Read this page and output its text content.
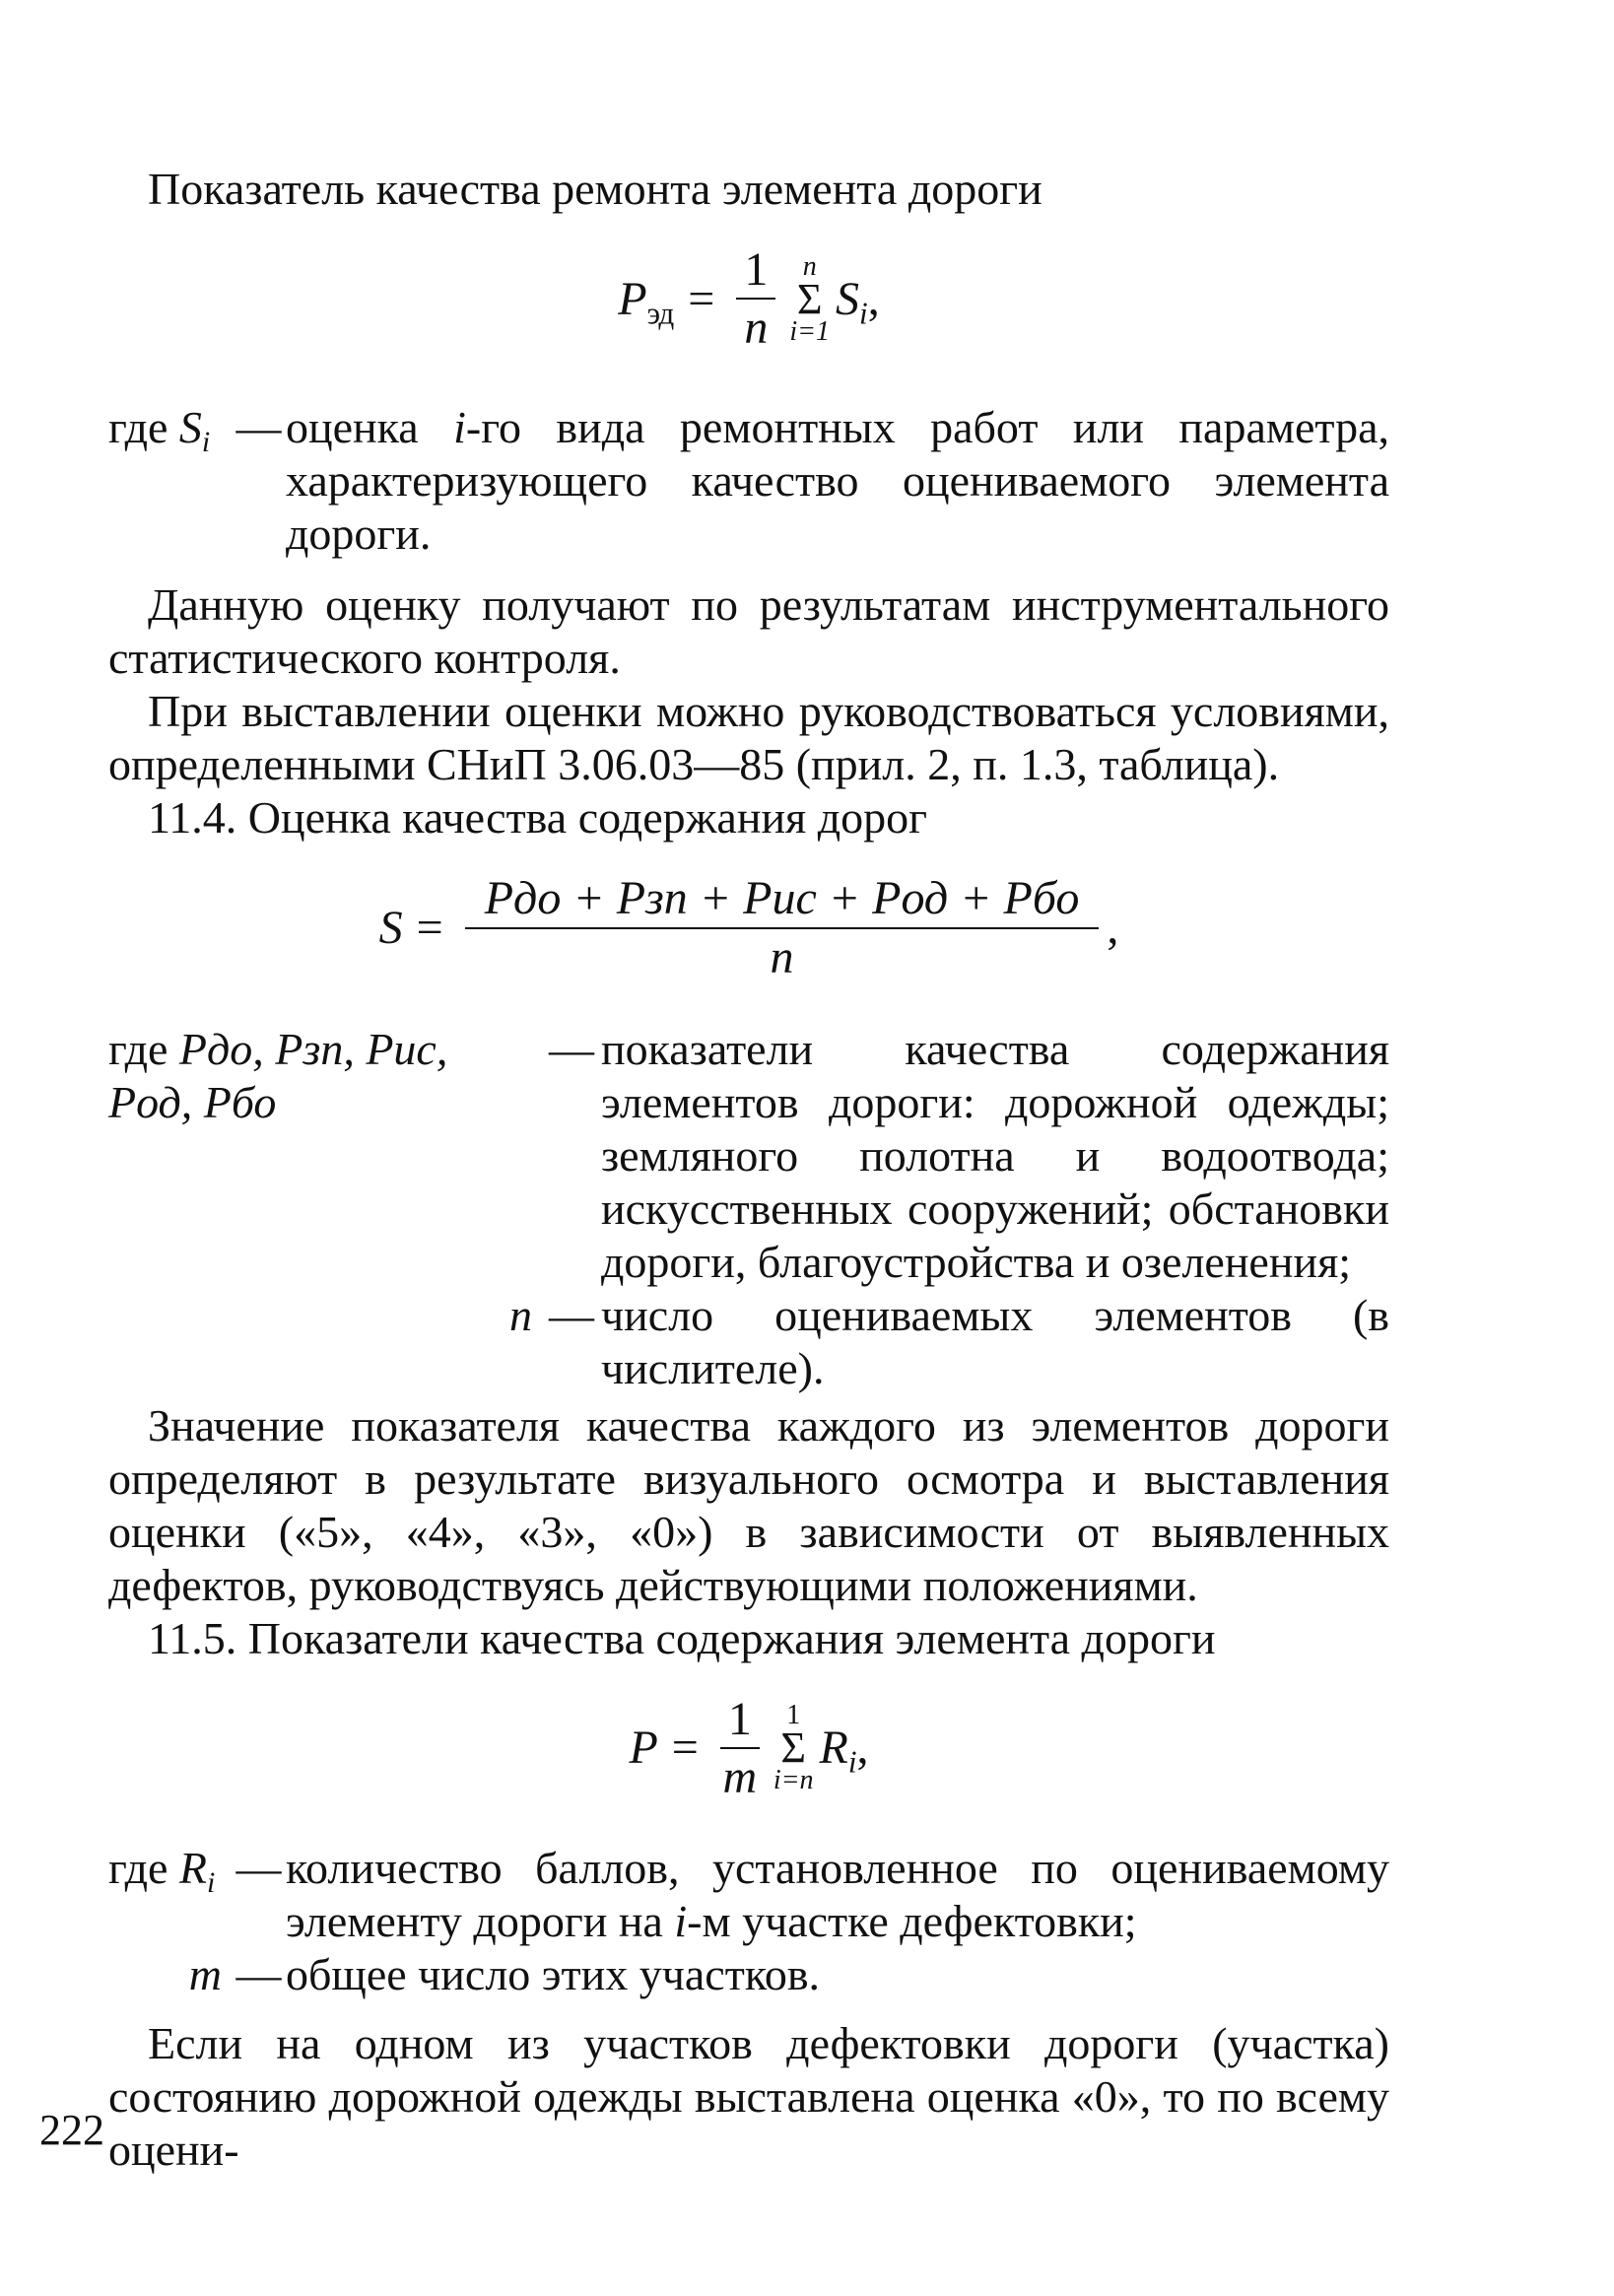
Показатель качества ремонта элемента дороги

$P_{эд} = \frac{1}{n}$ n
Σ
i=1
$S_i$ ,
где $S_i$ — оценка i-го вида ремонтных работ или параметра, характеризующего качество оцениваемого элемента дороги.

Данную оценку получают по результатам инструментального статистического контроля.

При выставлении оценки можно руководствоваться условиями, определенными СНиП 3.06.03—85 (прил. 2, п. 1.3, таблица).

11.4. Оценка качества содержания дорог

$S = \frac{\text{Pдо + Pзп + Pис + Pод + Pбо}}{n}$ ,
где Pдо, Pзп, Pис, Pод, Pбо
— показатели качества содержания элементов дороги: дорожной одежды; земляного полотна и водоотвода; искусственных сооружений; обстановки дороги, благоустройства и озеленения;
n — число оцениваемых элементов (в числителе).

Значение показателя качества каждого из элементов дороги определяют в результате визуального осмотра и выставления оценки («5», «4», «3», «0») в зависимости от выявленных дефектов, руководствуясь действующими положениями.

11.5. Показатели качества содержания элемента дороги

$P = \frac{1}{m} 1$
Σ
i=n
$R_i$ ,
где $R_i$ — количество баллов, установленное по оцениваемому элементу дороги на i-м участке дефектовки;
m — общее число этих участков.

Если на одном из участков дефектовки дороги (участка) состоянию дорожной одежды выставлена оценка «0», то по всему оцени-

222
